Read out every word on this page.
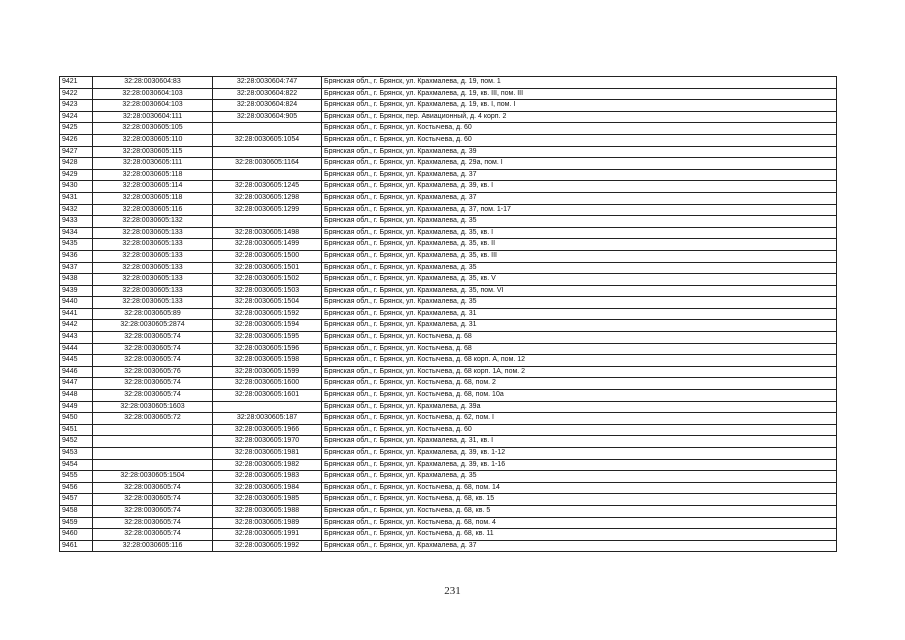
9421	32:28:0030604:83	32:28:0030604:747	Брянская обл., г. Брянск, ул. Крахмалева, д. 19, пом. 1
9422	32:28:0030604:103	32:28:0030604:822	Брянская обл., г. Брянск, ул. Крахмалева, д. 19, кв. III, пом. III
9423	32:28:0030604:103	32:28:0030604:824	Брянская обл., г. Брянск, ул. Крахмалева, д. 19, кв. I, пом. I
9424	32:28:0030604:111	32:28:0030604:905	Брянская обл., г. Брянск, пер. Авиационный, д. 4 корп. 2
9425	32:28:0030605:105		Брянская обл., г. Брянск, ул. Костычева, д. 60
9426	32:28:0030605:110	32:28:0030605:1054	Брянская обл., г. Брянск, ул. Костычева, д. 60
9427	32:28:0030605:115		Брянская обл., г. Брянск, ул. Крахмалева, д. 39
9428	32:28:0030605:111	32:28:0030605:1164	Брянская обл., г. Брянск, ул. Крахмалева, д. 29а, пом. I
9429	32:28:0030605:118		Брянская обл., г. Брянск, ул. Крахмалева, д. 37
9430	32:28:0030605:114	32:28:0030605:1245	Брянская обл., г. Брянск, ул. Крахмалева, д. 39, кв. I
9431	32:28:0030605:118	32:28:0030605:1298	Брянская обл., г. Брянск, ул. Крахмалева, д. 37
9432	32:28:0030605:116	32:28:0030605:1299	Брянская обл., г. Брянск, ул. Крахмалева, д. 37, пом. 1-17
9433	32:28:0030605:132		Брянская обл., г. Брянск, ул. Крахмалева, д. 35
9434	32:28:0030605:133	32:28:0030605:1498	Брянская обл., г. Брянск, ул. Крахмалева, д. 35, кв. I
9435	32:28:0030605:133	32:28:0030605:1499	Брянская обл., г. Брянск, ул. Крахмалева, д. 35, кв. II
9436	32:28:0030605:133	32:28:0030605:1500	Брянская обл., г. Брянск, ул. Крахмалева, д. 35, кв. III
9437	32:28:0030605:133	32:28:0030605:1501	Брянская обл., г. Брянск, ул. Крахмалева, д. 35
9438	32:28:0030605:133	32:28:0030605:1502	Брянская обл., г. Брянск, ул. Крахмалева, д. 35, кв. V
9439	32:28:0030605:133	32:28:0030605:1503	Брянская обл., г. Брянск, ул. Крахмалева, д. 35, пом. VI
9440	32:28:0030605:133	32:28:0030605:1504	Брянская обл., г. Брянск, ул. Крахмалева, д. 35
9441	32:28:0030605:89	32:28:0030605:1592	Брянская обл., г. Брянск, ул. Крахмалева, д. 31
9442	32:28:0030605:2874	32:28:0030605:1594	Брянская обл., г. Брянск, ул. Крахмалева, д. 31
9443	32:28:0030605:74	32:28:0030605:1595	Брянская обл., г. Брянск, ул. Костычева, д. 68
9444	32:28:0030605:74	32:28:0030605:1596	Брянская обл., г. Брянск, ул. Костычева, д. 68
9445	32:28:0030605:74	32:28:0030605:1598	Брянская обл., г. Брянск, ул. Костычева, д. 68 корп. А, пом. 12
9446	32:28:0030605:76	32:28:0030605:1599	Брянская обл., г. Брянск, ул. Костычева, д. 68 корп. 1А, пом. 2
9447	32:28:0030605:74	32:28:0030605:1600	Брянская обл., г. Брянск, ул. Костычева, д. 68, пом. 2
9448	32:28:0030605:74	32:28:0030605:1601	Брянская обл., г. Брянск, ул. Костычева, д. 68, пом. 10а
9449	32:28:0030605:1603		Брянская обл., г. Брянск, ул. Крахмалева, д. 39а
9450	32:28:0030605:72	32:28:0030605:187	Брянская обл., г. Брянск, ул. Костычева, д. 62, пом. I
9451		32:28:0030605:1966	Брянская обл., г. Брянск, ул. Костычева, д. 60
9452		32:28:0030605:1970	Брянская обл., г. Брянск, ул. Крахмалева, д. 31, кв. I
9453		32:28:0030605:1981	Брянская обл., г. Брянск, ул. Крахмалева, д. 39, кв. 1-12
9454		32:28:0030605:1982	Брянская обл., г. Брянск, ул. Крахмалева, д. 39, кв. 1-16
9455	32:28:0030605:1504	32:28:0030605:1983	Брянская обл., г. Брянск, ул. Крахмалева, д. 35
9456	32:28:0030605:74	32:28:0030605:1984	Брянская обл., г. Брянск, ул. Костычева, д. 68, пом. 14
9457	32:28:0030605:74	32:28:0030605:1985	Брянская обл., г. Брянск, ул. Костычева, д. 68, кв. 15
9458	32:28:0030605:74	32:28:0030605:1988	Брянская обл., г. Брянск, ул. Костычева, д. 68, кв. 5
9459	32:28:0030605:74	32:28:0030605:1989	Брянская обл., г. Брянск, ул. Костычева, д. 68, пом. 4
9460	32:28:0030605:74	32:28:0030605:1991	Брянская обл., г. Брянск, ул. Костычева, д. 68, кв. 11
9461	32:28:0030605:116	32:28:0030605:1992	Брянская обл., г. Брянск, ул. Крахмалева, д. 37
231
